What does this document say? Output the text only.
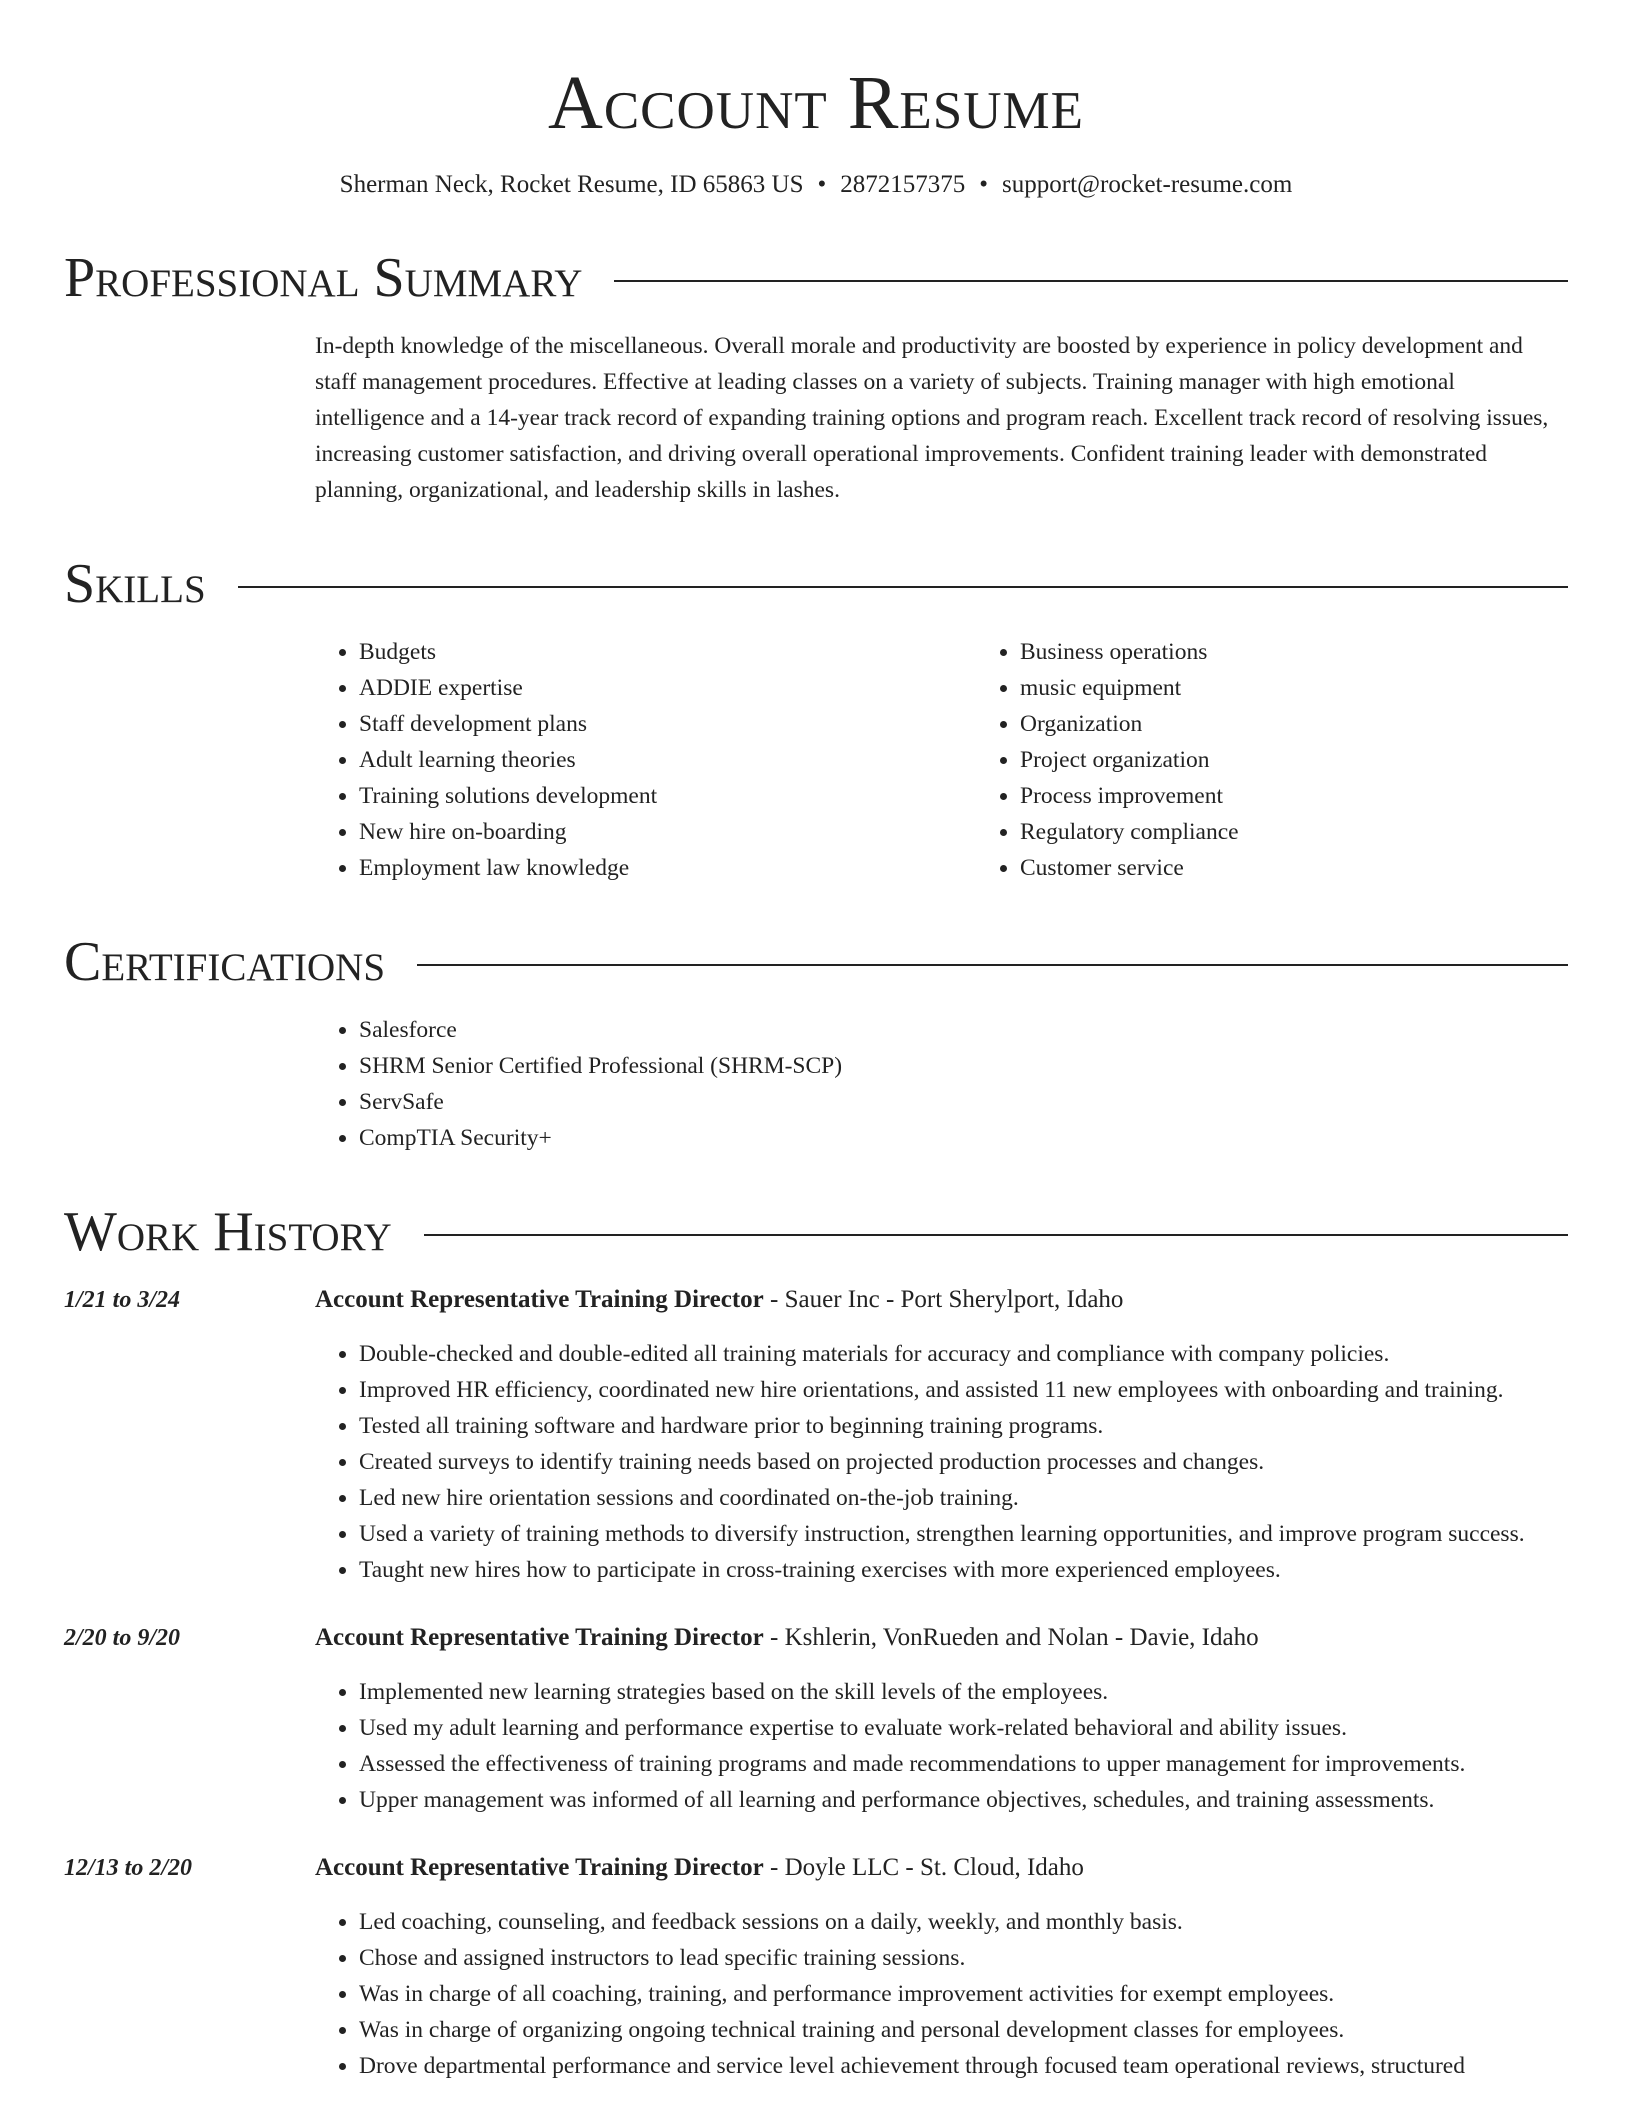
Account Resume
Sherman Neck, Rocket Resume, ID 65863 US • 2872157375 • support@rocket-resume.com
Professional Summary
In-depth knowledge of the miscellaneous. Overall morale and productivity are boosted by experience in policy development and staff management procedures. Effective at leading classes on a variety of subjects. Training manager with high emotional intelligence and a 14-year track record of expanding training options and program reach. Excellent track record of resolving issues, increasing customer satisfaction, and driving overall operational improvements. Confident training leader with demonstrated planning, organizational, and leadership skills in lashes.
Skills
• Budgets
• ADDIE expertise
• Staff development plans
• Adult learning theories
• Training solutions development
• New hire on-boarding
• Employment law knowledge
• Business operations
• music equipment
• Organization
• Project organization
• Process improvement
• Regulatory compliance
• Customer service
Certifications
• Salesforce
• SHRM Senior Certified Professional (SHRM-SCP)
• ServSafe
• CompTIA Security+
Work History
1/21 to 3/24	Account Representative Training Director - Sauer Inc - Port Sherylport, Idaho
• Double-checked and double-edited all training materials for accuracy and compliance with company policies.
• Improved HR efficiency, coordinated new hire orientations, and assisted 11 new employees with onboarding and training.
• Tested all training software and hardware prior to beginning training programs.
• Created surveys to identify training needs based on projected production processes and changes.
• Led new hire orientation sessions and coordinated on-the-job training.
• Used a variety of training methods to diversify instruction, strengthen learning opportunities, and improve program success.
• Taught new hires how to participate in cross-training exercises with more experienced employees.
2/20 to 9/20	Account Representative Training Director - Kshlerin, VonRueden and Nolan - Davie, Idaho
• Implemented new learning strategies based on the skill levels of the employees.
• Used my adult learning and performance expertise to evaluate work-related behavioral and ability issues.
• Assessed the effectiveness of training programs and made recommendations to upper management for improvements.
• Upper management was informed of all learning and performance objectives, schedules, and training assessments.
12/13 to 2/20	Account Representative Training Director - Doyle LLC - St. Cloud, Idaho
• Led coaching, counseling, and feedback sessions on a daily, weekly, and monthly basis.
• Chose and assigned instructors to lead specific training sessions.
• Was in charge of all coaching, training, and performance improvement activities for exempt employees.
• Was in charge of organizing ongoing technical training and personal development classes for employees.
• Drove departmental performance and service level achievement through focused team operational reviews, structured
